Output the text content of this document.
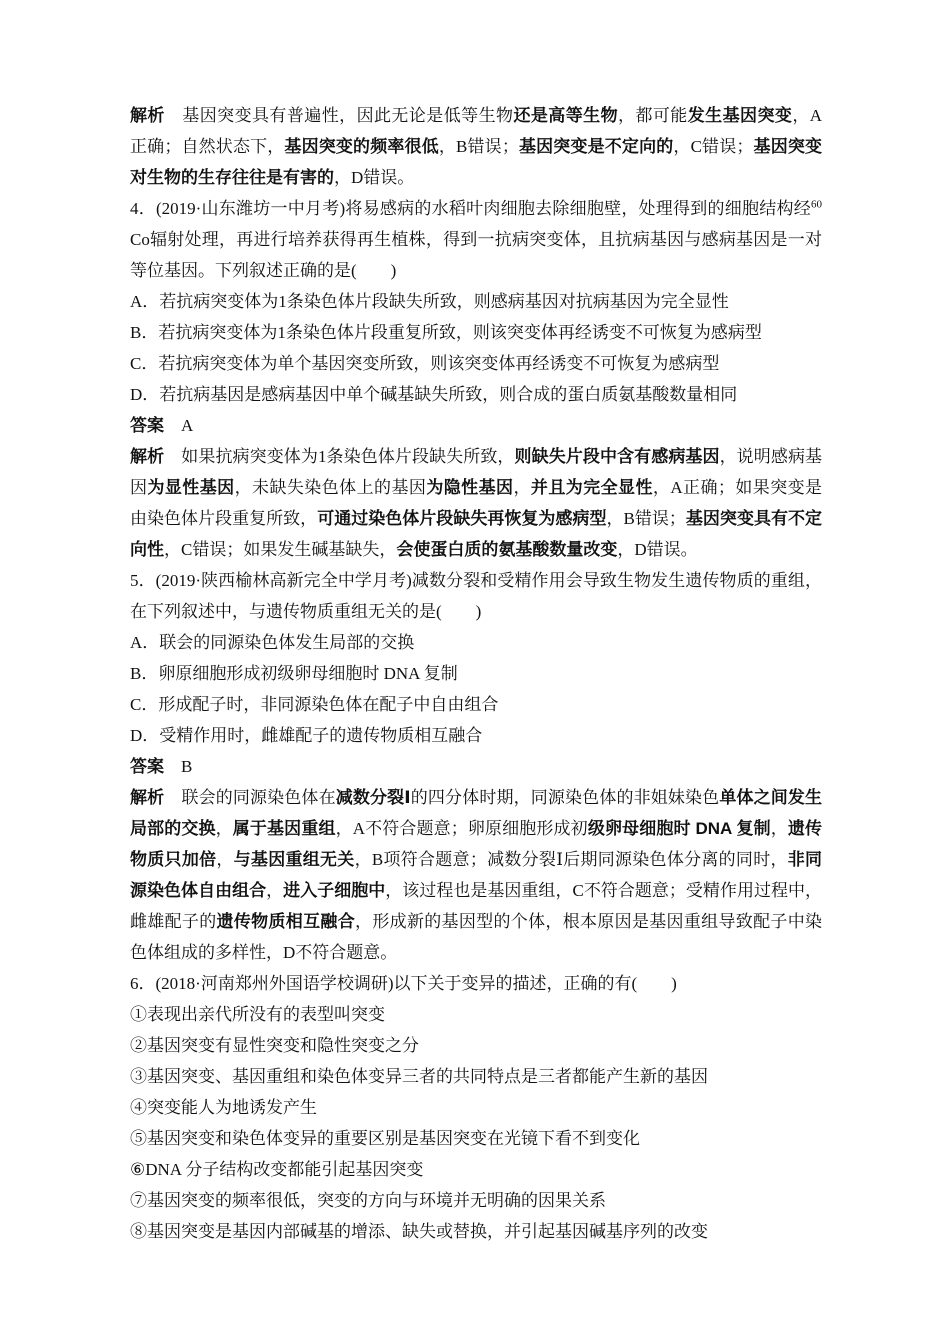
解析　基因突变具有普遍性，因此无论是低等生物还是高等生物，都可能发生基因突变，A正确；自然状态下，基因突变的频率很低，B错误；基因突变是不定向的，C错误；基因突变对生物的生存往往是有害的，D错误。

4．(2019·山东潍坊一中月考)将易感病的水稻叶肉细胞去除细胞壁，处理得到的细胞结构经$^{60}$Co辐射处理，再进行培养获得再生植株，得到一抗病突变体，且抗病基因与感病基因是一对等位基因。下列叙述正确的是(　　)

A．若抗病突变体为1条染色体片段缺失所致，则感病基因对抗病基因为完全显性

B．若抗病突变体为1条染色体片段重复所致，则该突变体再经诱变不可恢复为感病型

C．若抗病突变体为单个基因突变所致，则该突变体再经诱变不可恢复为感病型

D．若抗病基因是感病基因中单个碱基缺失所致，则合成的蛋白质氨基酸数量相同

答案　A

解析　如果抗病突变体为1条染色体片段缺失所致，则缺失片段中含有感病基因，说明感病基因为显性基因，未缺失染色体上的基因为隐性基因，并且为完全显性，A正确；如果突变是由染色体片段重复所致，可通过染色体片段缺失再恢复为感病型，B错误；基因突变具有不定向性，C错误；如果发生碱基缺失，会使蛋白质的氨基酸数量改变，D错误。

5．(2019·陕西榆林高新完全中学月考)减数分裂和受精作用会导致生物发生遗传物质的重组，在下列叙述中，与遗传物质重组无关的是(　　)

A．联会的同源染色体发生局部的交换

B．卵原细胞形成初级卵母细胞时 DNA 复制

C．形成配子时，非同源染色体在配子中自由组合

D．受精作用时，雌雄配子的遗传物质相互融合

答案　B

解析　联会的同源染色体在减数分裂Ⅰ的四分体时期，同源染色体的非姐妹染色单体之间发生局部的交换，属于基因重组，A不符合题意；卵原细胞形成初级卵母细胞时 DNA 复制，遗传物质只加倍，与基因重组无关，B项符合题意；减数分裂Ⅰ后期同源染色体分离的同时，非同源染色体自由组合，进入子细胞中，该过程也是基因重组，C不符合题意；受精作用过程中，雌雄配子的遗传物质相互融合，形成新的基因型的个体，根本原因是基因重组导致配子中染色体组成的多样性，D不符合题意。

6．(2018·河南郑州外国语学校调研)以下关于变异的描述，正确的有(　　)

①表现出亲代所没有的表型叫突变

②基因突变有显性突变和隐性突变之分

③基因突变、基因重组和染色体变异三者的共同特点是三者都能产生新的基因

④突变能人为地诱发产生

⑤基因突变和染色体变异的重要区别是基因突变在光镜下看不到变化

⑥DNA 分子结构改变都能引起基因突变

⑦基因突变的频率很低，突变的方向与环境并无明确的因果关系

⑧基因突变是基因内部碱基的增添、缺失或替换，并引起基因碱基序列的改变
